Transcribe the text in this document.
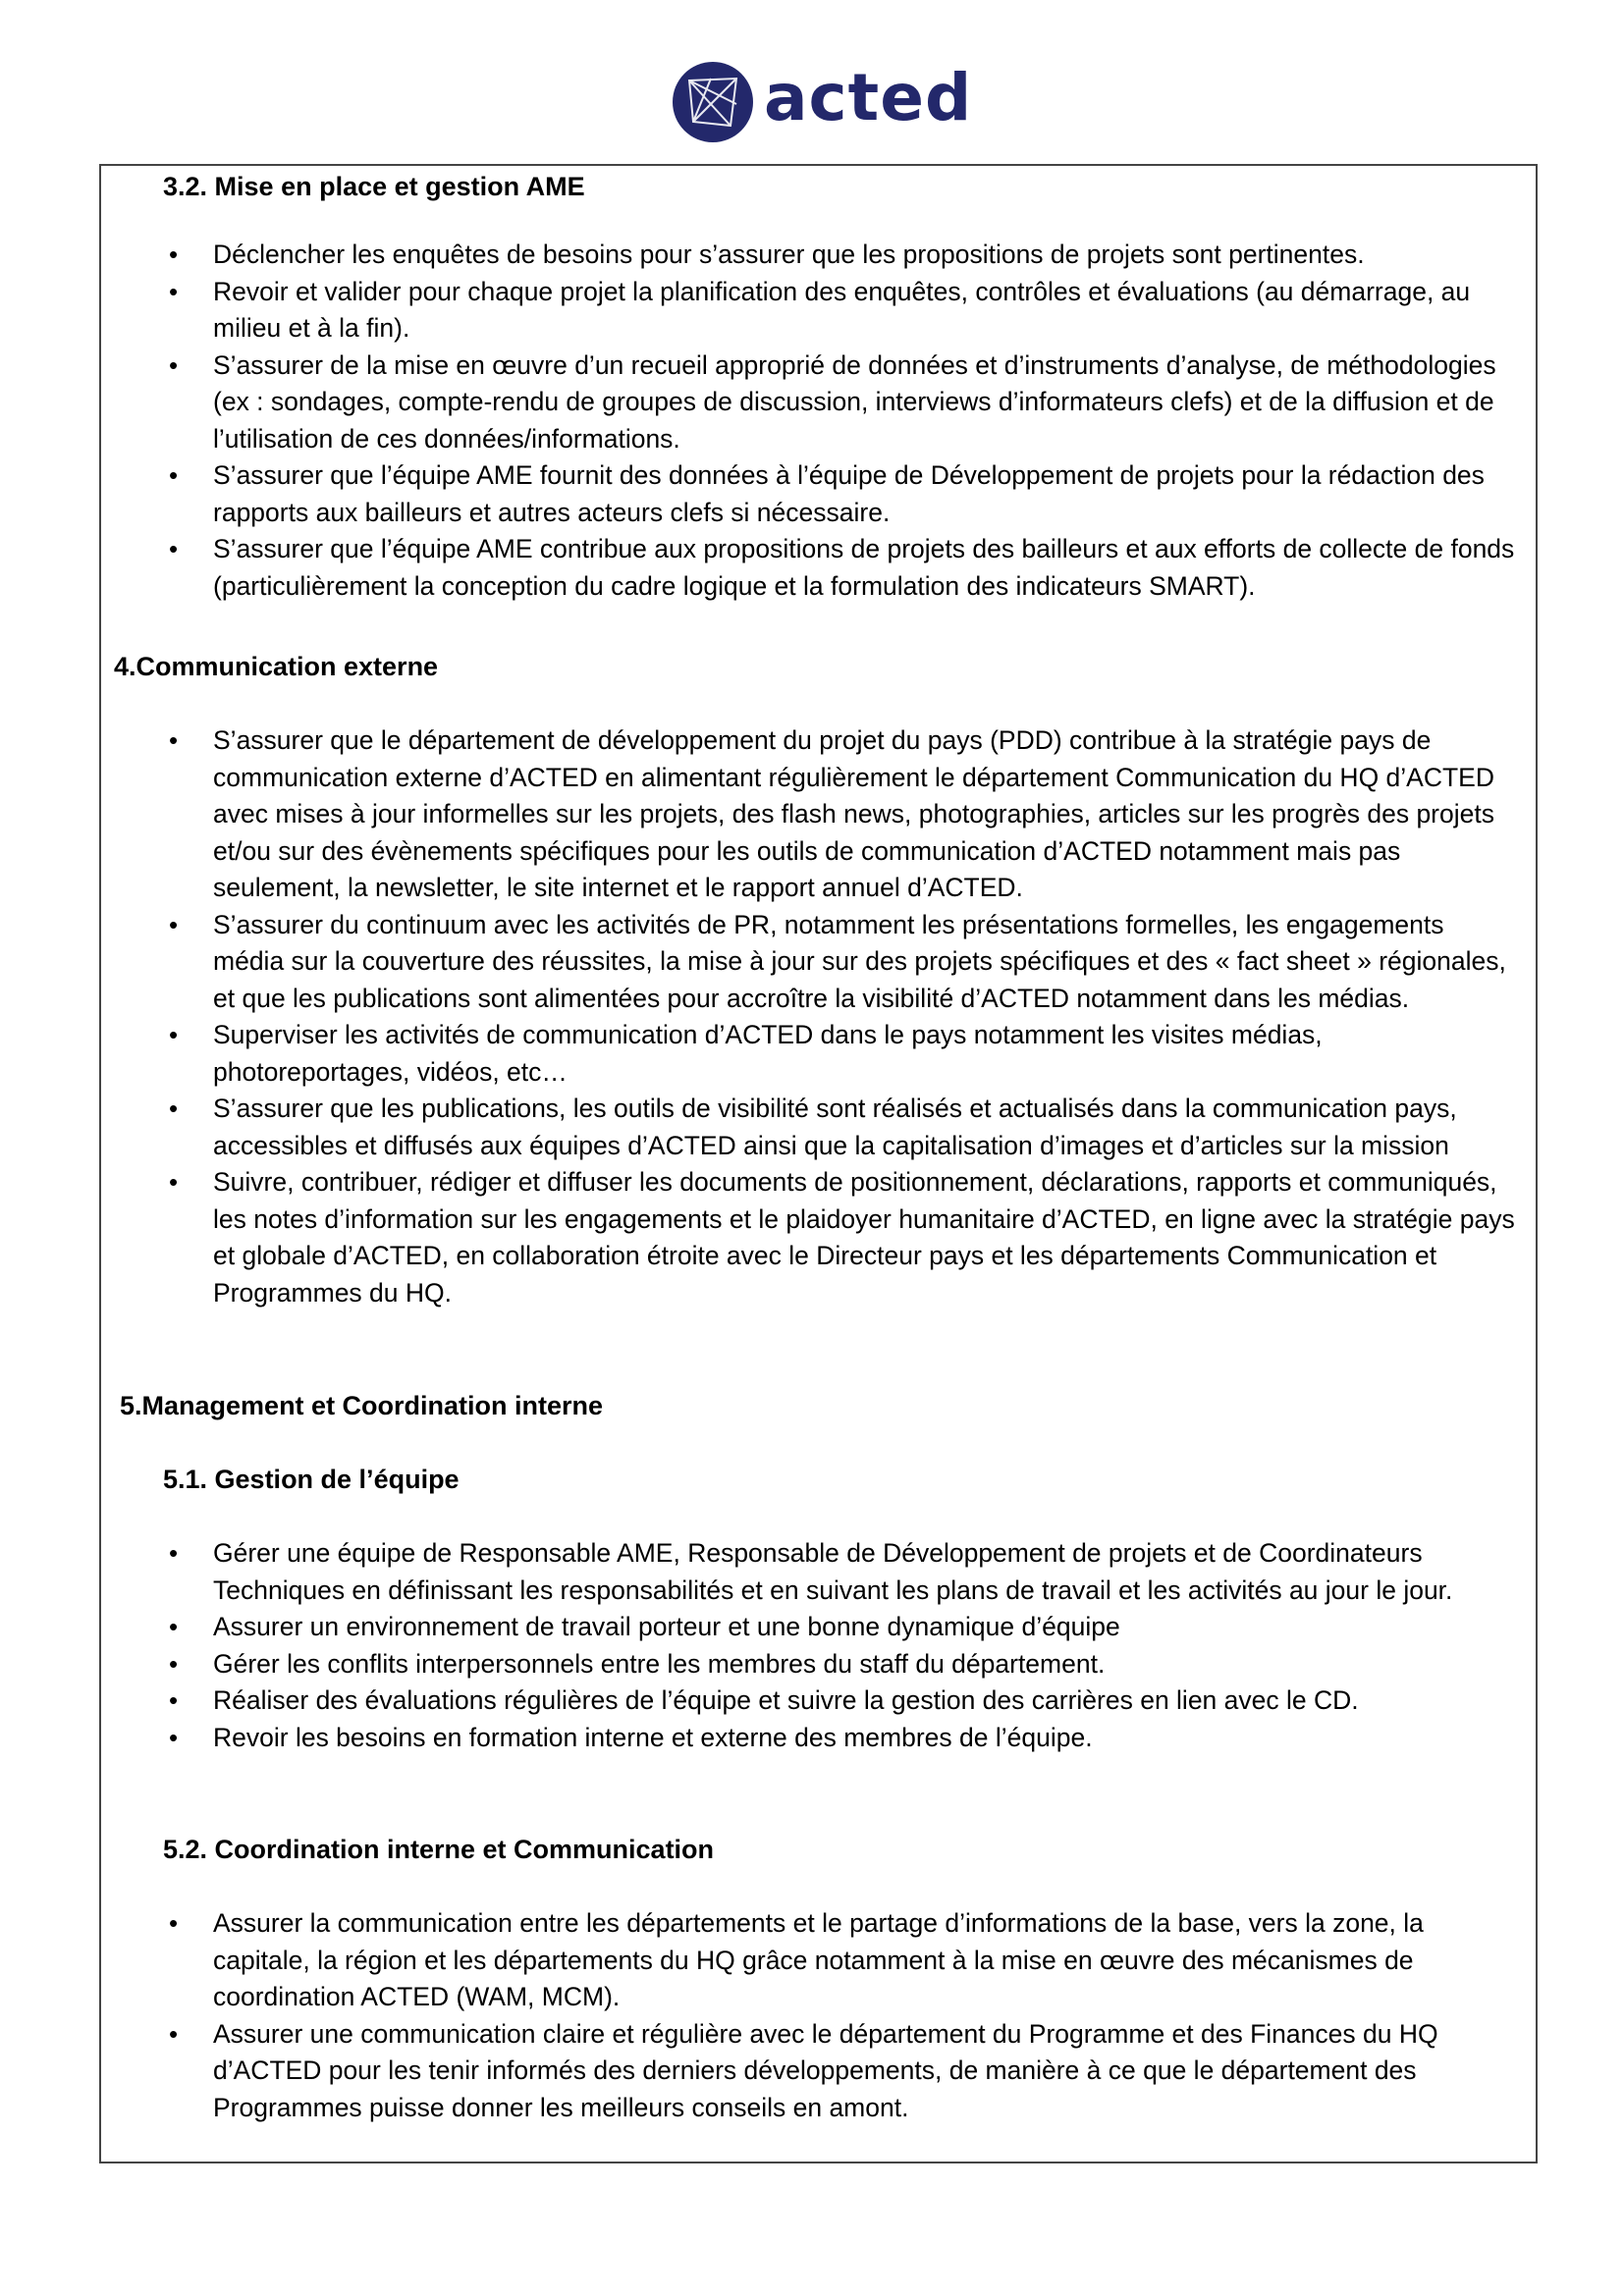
acted
3.2. Mise en place et gestion AME
• Déclencher les enquêtes de besoins pour s’assurer que les propositions de projets sont pertinentes.
• Revoir et valider pour chaque projet la planification des enquêtes, contrôles et évaluations (au démarrage, au milieu et à la fin).
• S’assurer de la mise en œuvre d’un recueil approprié de données et d’instruments d’analyse, de méthodologies (ex : sondages, compte-rendu de groupes de discussion, interviews d’informateurs clefs) et de la diffusion et de l’utilisation de ces données/informations.
• S’assurer que l’équipe AME fournit des données à l’équipe de Développement de projets pour la rédaction des rapports aux bailleurs et autres acteurs clefs si nécessaire.
• S’assurer que l’équipe AME contribue aux propositions de projets des bailleurs et aux efforts de collecte de fonds (particulièrement la conception du cadre logique et la formulation des indicateurs SMART).
4.Communication externe
• S’assurer que le département de développement du projet du pays (PDD) contribue à la stratégie pays de communication externe d’ACTED en alimentant régulièrement le département Communication du HQ d’ACTED avec mises à jour informelles sur les projets, des flash news, photographies, articles sur les progrès des projets et/ou sur des évènements spécifiques pour les outils de communication d’ACTED notamment mais pas seulement, la newsletter, le site internet et le rapport annuel d’ACTED.
• S’assurer du continuum avec les activités de PR, notamment les présentations formelles, les engagements média sur la couverture des réussites, la mise à jour sur des projets spécifiques et des « fact sheet » régionales, et que les publications sont alimentées pour accroître la visibilité d’ACTED notamment dans les médias.
• Superviser les activités de communication d’ACTED dans le pays notamment les visites médias, photoreportages, vidéos, etc…
• S’assurer que les publications, les outils de visibilité sont réalisés et actualisés dans la communication pays, accessibles et diffusés aux équipes d’ACTED ainsi que la capitalisation d’images et d’articles sur la mission
• Suivre, contribuer, rédiger et diffuser les documents de positionnement, déclarations, rapports et communiqués, les notes d’information sur les engagements et le plaidoyer humanitaire d’ACTED, en ligne avec la stratégie pays et globale d’ACTED, en collaboration étroite avec le Directeur pays et les départements Communication et Programmes du HQ.
5.Management et Coordination interne
5.1. Gestion de l’équipe
• Gérer une équipe de Responsable AME, Responsable de Développement de projets et de Coordinateurs Techniques en définissant les responsabilités et en suivant les plans de travail et les activités au jour le jour.
• Assurer un environnement de travail porteur et une bonne dynamique d’équipe
• Gérer les conflits interpersonnels entre les membres du staff du département.
• Réaliser des évaluations régulières de l’équipe et suivre la gestion des carrières en lien avec le CD.
• Revoir les besoins en formation interne et externe des membres de l’équipe.
5.2. Coordination interne et Communication
• Assurer la communication entre les départements et le partage d’informations de la base, vers la zone, la capitale, la région et les départements du HQ grâce notamment à la mise en œuvre des mécanismes de coordination ACTED (WAM, MCM).
• Assurer une communication claire et régulière avec le département du Programme et des Finances du HQ d’ACTED pour les tenir informés des derniers développements, de manière à ce que le département des Programmes puisse donner les meilleurs conseils en amont.
